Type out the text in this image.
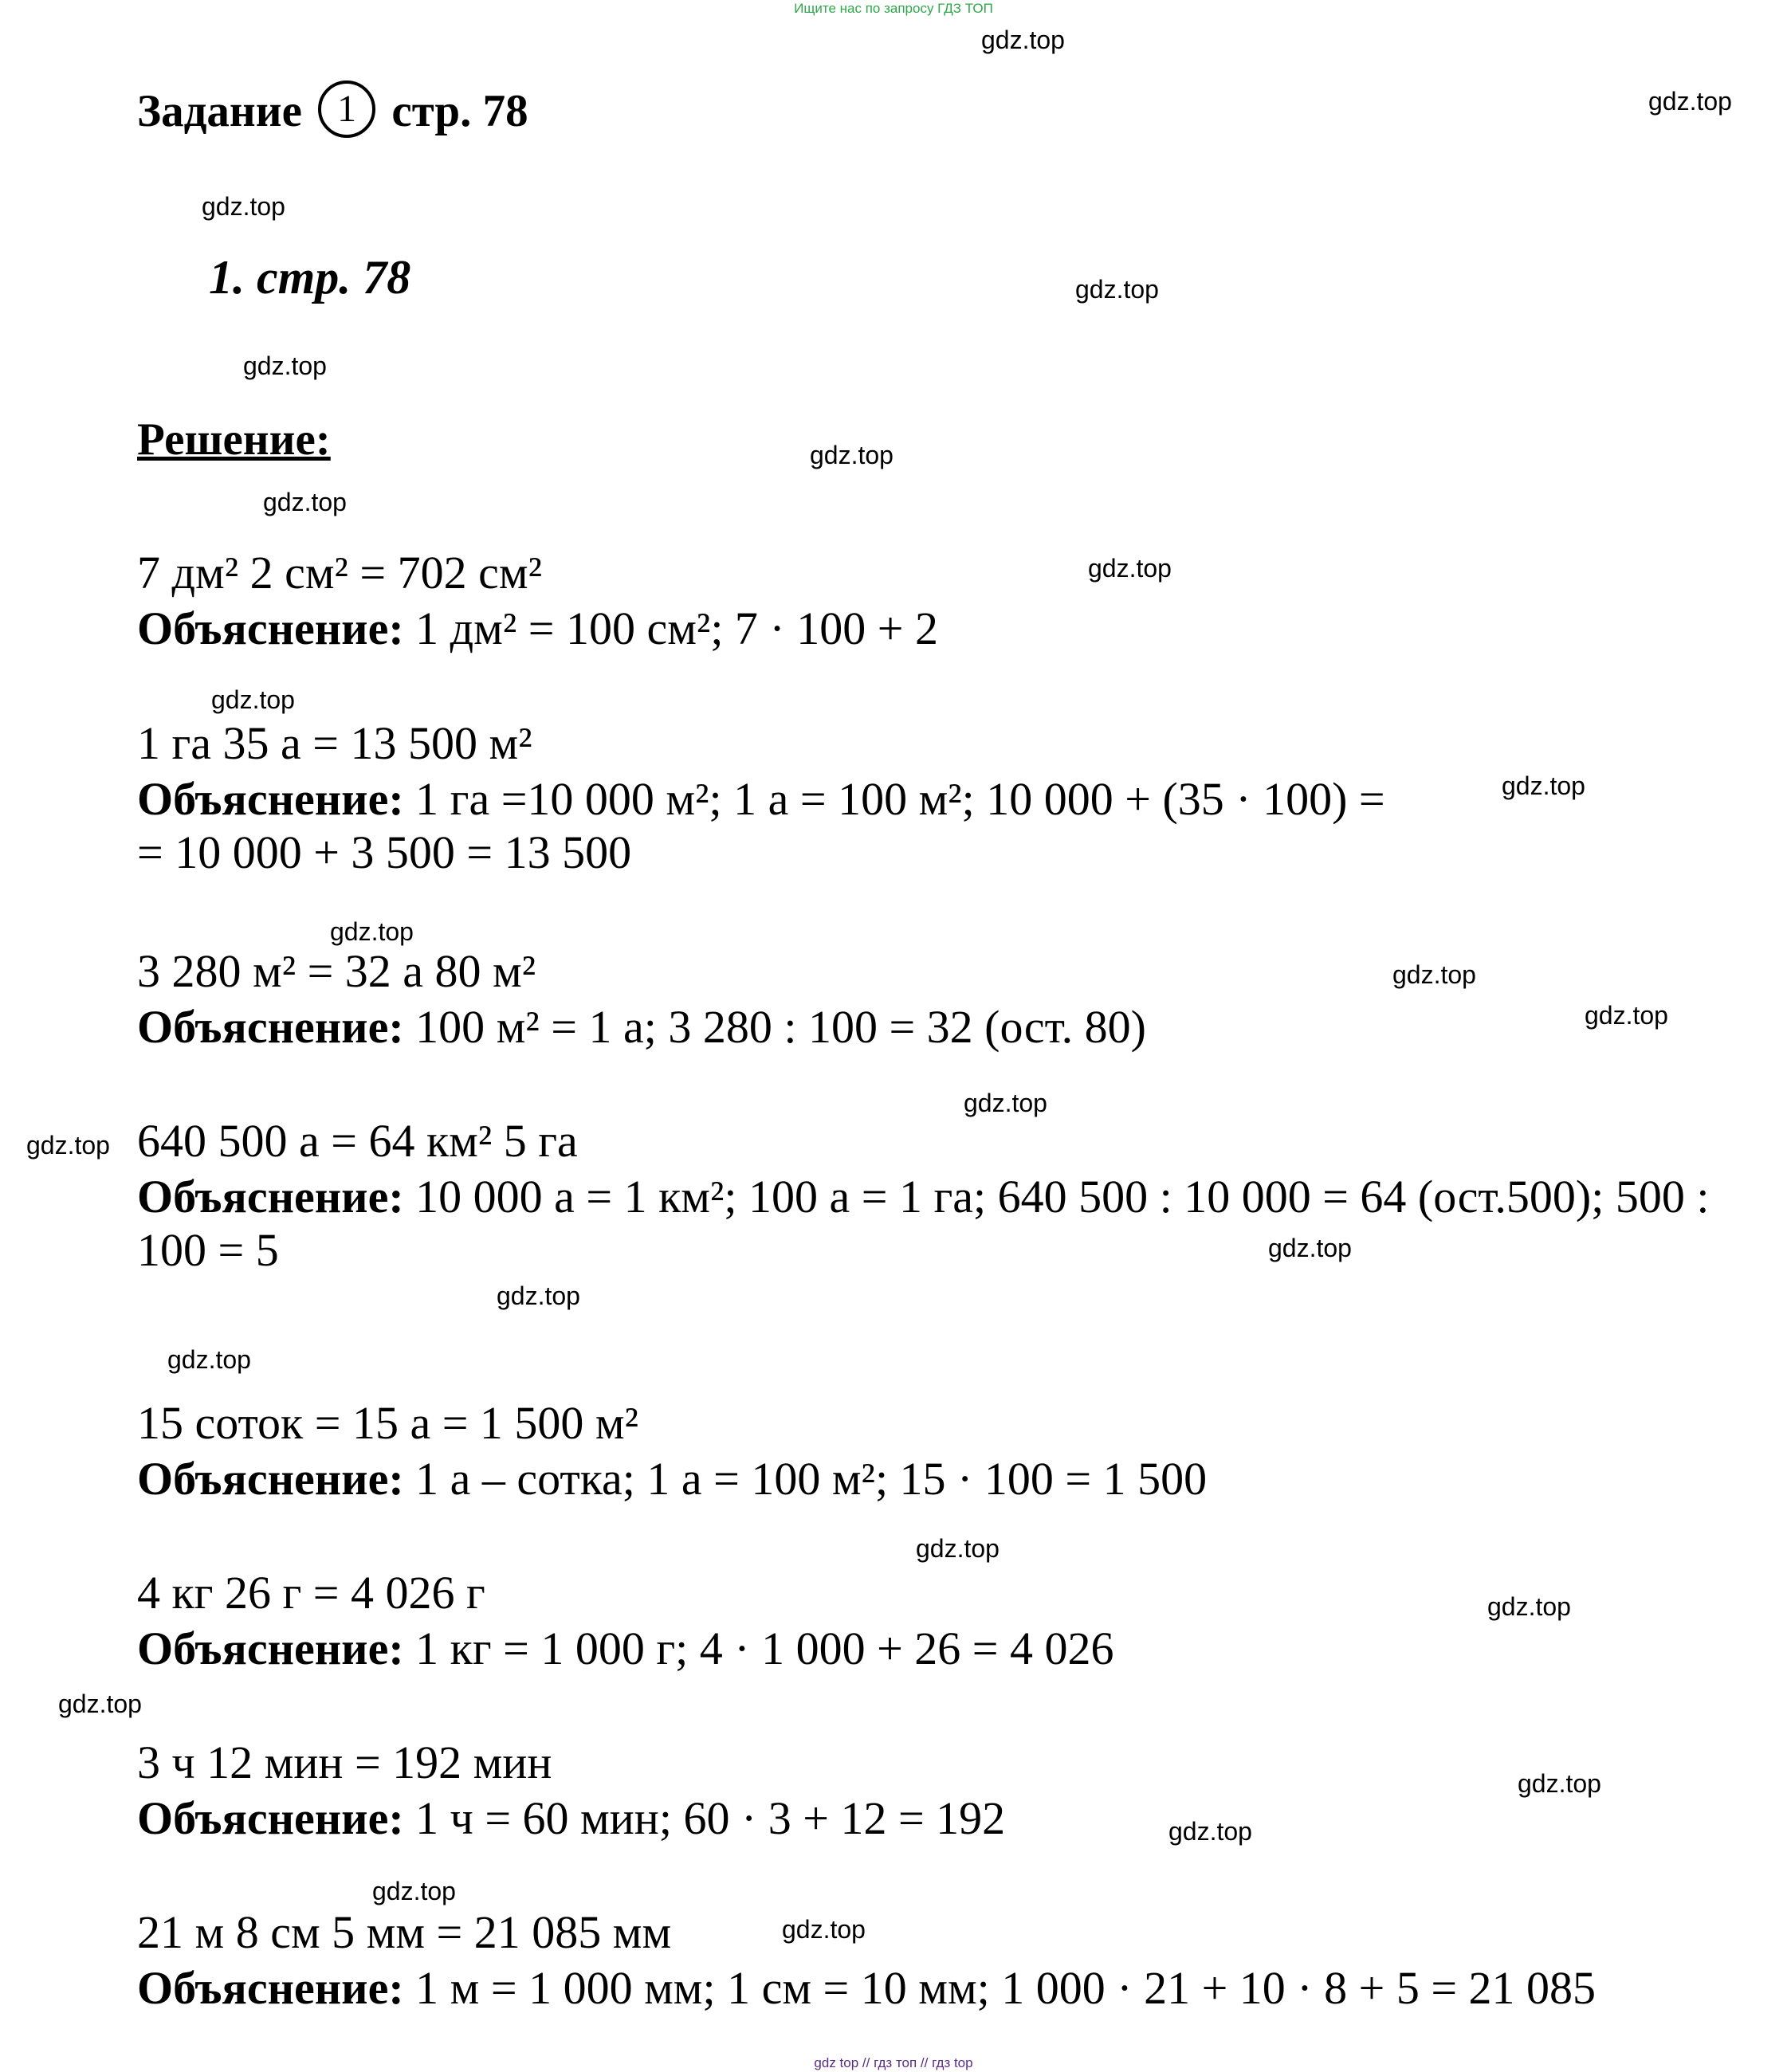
Ищите нас по запросу ГДЗ ТОП
Задание 1 стр. 78
1. стр. 78
Решение:
7 дм² 2 см² = 702 см²
Объяснение: 1 дм² = 100 см²; 7 · 100 + 2
1 га 35 а = 13 500 м²
Объяснение: 1 га =10 000 м²; 1 а = 100 м²; 10 000 + (35 · 100) =
= 10 000 + 3 500 = 13 500
3 280 м² = 32 а 80 м²
Объяснение: 100 м² = 1 а; 3 280 : 100 = 32 (ост. 80)
640 500 а = 64 км² 5 га
Объяснение: 10 000 а = 1 км²; 100 а = 1 га; 640 500 : 10 000 = 64 (ост.500); 500 :
100 = 5
15 соток = 15 а = 1 500 м²
Объяснение: 1 а – сотка; 1 а = 100 м²; 15 · 100 = 1 500
4 кг 26 г = 4 026 г
Объяснение: 1 кг = 1 000 г; 4 · 1 000 + 26 = 4 026
3 ч 12 мин = 192 мин
Объяснение: 1 ч = 60 мин; 60 · 3 + 12 = 192
21 м 8 см 5 мм = 21 085 мм
Объяснение: 1 м = 1 000 мм; 1 см = 10 мм; 1 000 · 21 + 10 · 8 + 5 = 21 085
gdz.top
gdz.top
gdz.top
gdz.top
gdz.top
gdz.top
gdz.top
gdz.top
gdz.top
gdz.top
gdz.top
gdz.top
gdz.top
gdz.top
gdz.top
gdz.top
gdz.top
gdz.top
gdz.top
gdz.top
gdz.top
gdz.top
gdz.top
gdz.top
gdz.top
gdz top // гдз топ // гдз top
